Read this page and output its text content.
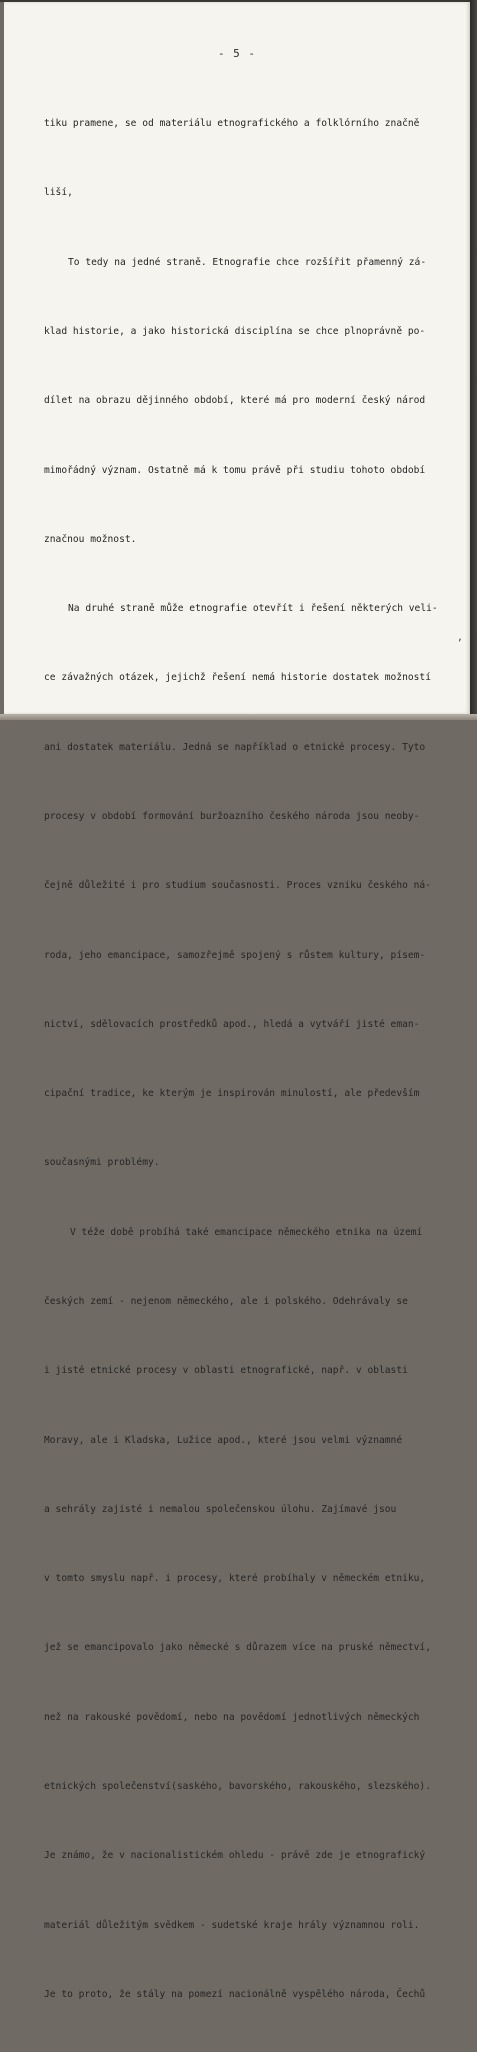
- 5 -

tiku pramene, se od materiálu etnografického a folklórního značně

liší,

To tedy na jedné straně. Etnografie chce rozšířit přamenný zá-

klad historie, a jako historická disciplína se chce plnoprávně po-

dílet na obrazu dějinného období, které má pro moderní český národ

mimořádný význam. Ostatně má k tomu právě při studiu tohoto období

značnou možnost.

Na druhé straně může etnografie otevřít i řešení některých veli-

ce závažných otázek, jejichž řešení nemá historie dostatek možností

ani dostatek materiálu. Jedná se například o etnické procesy. Tyto

procesy v období formování buržoazního českého národa jsou neoby-

čejně důležité i pro studium současnosti. Proces vzniku českého ná-

roda, jeho emancipace, samozřejmě spojený s růstem kultury, písem-

nictví, sdělovacích prostředků apod., hledá a vytváří jisté eman-

cipační tradice, ke kterým je inspirován minulostí, ale především

současnými problémy.

V téže době probíhá také emancipace německého etnika na území

českých zemí - nejenom německého, ale i polského. Odehrávaly se

i jisté etnické procesy v oblasti etnografické, např. v oblasti

Moravy, ale i Kladska, Lužice apod., které jsou velmi významné

a sehrály zajisté i nemalou společenskou úlohu. Zajímavé jsou

v tomto smyslu např. i procesy, které probíhaly v německém etniku,

jež se emancipovalo jako německé s důrazem více na pruské němectví,

než na rakouské povědomí, nebo na povědomí jednotlivých německých

etnických společenství(saského, bavorského, rakouského, slezského).

Je známo, že v nacionalistickém ohledu - právě zde je etnografický

materiál důležitým svědkem - sudetské kraje hrály významnou roli.

Je to proto, že stály na pomezí nacionálně vyspělého národa, Čechů

,
